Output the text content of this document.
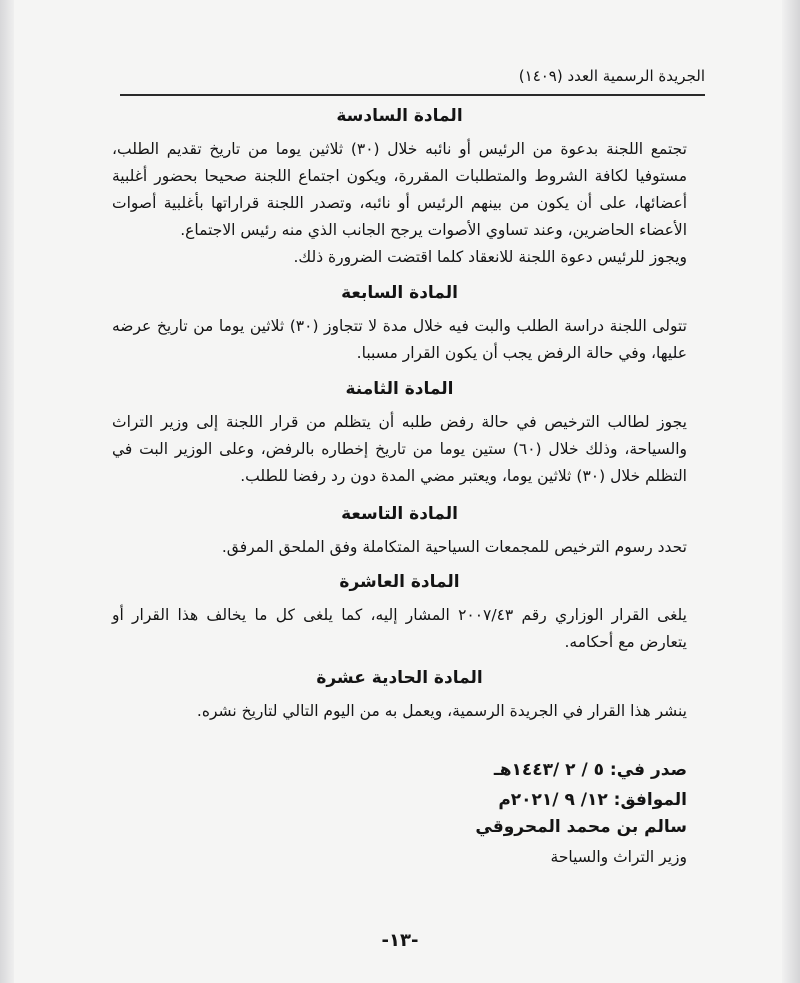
الجريدة الرسمية العدد (١٤٠٩)
المادة السادسة

تجتمع اللجنة بدعوة من الرئيس أو نائبه خلال (٣٠) ثلاثين يوما من تاريخ تقديم الطلب، مستوفيا لكافة الشروط والمتطلبات المقررة، ويكون اجتماع اللجنة صحيحا بحضور أغلبية أعضائها، على أن يكون من بينهم الرئيس أو نائبه، وتصدر اللجنة قراراتها بأغلبية أصوات الأعضاء الحاضرين، وعند تساوي الأصوات يرجح الجانب الذي منه رئيس الاجتماع.

ويجوز للرئيس دعوة اللجنة للانعقاد كلما اقتضت الضرورة ذلك.

المادة السابعة

تتولى اللجنة دراسة الطلب والبت فيه خلال مدة لا تتجاوز (٣٠) ثلاثين يوما من تاريخ عرضه عليها، وفي حالة الرفض يجب أن يكون القرار مسببا.

المادة الثامنة

يجوز لطالب الترخيص في حالة رفض طلبه أن يتظلم من قرار اللجنة إلى وزير التراث والسياحة، وذلك خلال (٦٠) ستين يوما من تاريخ إخطاره بالرفض، وعلى الوزير البت في التظلم خلال (٣٠) ثلاثين يوما، ويعتبر مضي المدة دون رد رفضا للطلب.

المادة التاسعة

تحدد رسوم الترخيص للمجمعات السياحية المتكاملة وفق الملحق المرفق.

المادة العاشرة

يلغى القرار الوزاري رقم ٢٠٠٧/٤٣ المشار إليه، كما يلغى كل ما يخالف هذا القرار أو يتعارض مع أحكامه.

المادة الحادية عشرة

ينشر هذا القرار في الجريدة الرسمية، ويعمل به من اليوم التالي لتاريخ نشره.

صدر في: ٥ / ٢ /١٤٤٣هـ
الموافق: ١٢/ ٩ /٢٠٢١م
سالم بن محمد المحروقي
وزير التراث والسياحة
-١٣-
